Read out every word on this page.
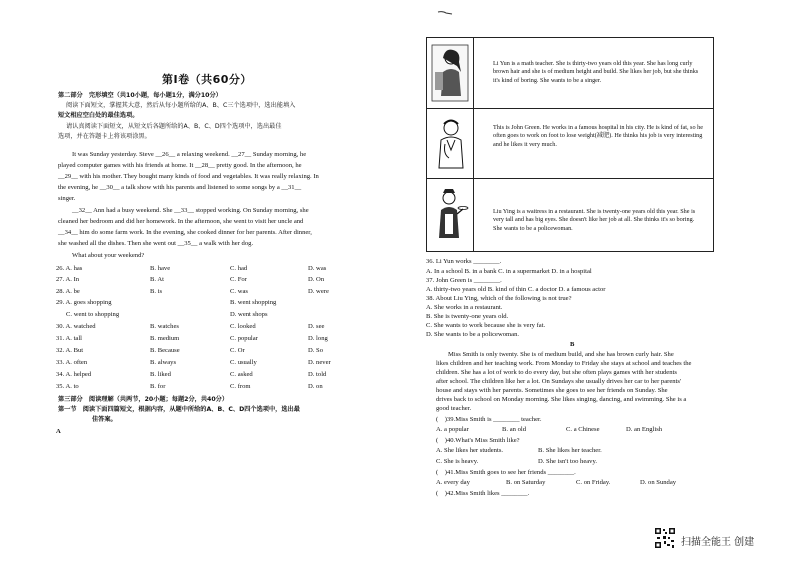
第Ⅰ卷（共60分）
第二部分　完形填空（共10小题，每小题1分，满分10分）
阅读下面短文，掌握其大意，然后从每小题所给的A、B、C三个选项中，选出能填入
短文相应空白处的最佳选项。
请认真阅读下面短文，从短文后各题所给的A、B、C、D四个选项中，选出最佳
选项，并在答题卡上将该项涂黑。
It was Sunday yesterday. Steve __26__ a relaxing weekend. __27__ Sunday morning, he
played computer games with his friends at home. It __28__ pretty good. In the afternoon, he
__29__ with his mother. They bought many kinds of food and vegetables. It was really relaxing. In
the evening, he __30__ a talk show with his parents and listened to some songs by a __31__
singer.
__32__ Ann had a busy weekend. She __33__ stopped working. On Sunday morning, she
cleaned her bedroom and did her homework. In the afternoon, she went to visit her uncle and
__34__ him do some farm work. In the evening, she cooked dinner for her parents. After dinner,
she washed all the dishes. Then she went out __35__ a walk with her dog.
What about your weekend?
26. A. has	B. have	C. had	D. was
27. A. In	B. At	C. For	D. On
28. A. be	B. is	C. was	D. were
29. A. goes shopping	B. went shopping
C. went to shopping	D. went shops
30. A. watched	B. watches	C. looked	D. see
31. A. tall	B. medium	C. popular	D. long
32. A. But	B. Because	C. Or	D. So
33. A. often	B. always	C. usually	D. never
34. A. helped	B. liked	C. asked	D. told
35. A. to	B. for	C. from	D. on
第三部分　阅读理解（共两节，20小题；每题2分，共40分）
第一节　阅读下面四篇短文，根据内容，从题中所给的A、B、C、D四个选项中，选出最
佳答案。
A
Li Yun is a math teacher. She is thirty-two years old this year. She has long curly brown hair and she is of medium height and build. She likes her job, but she thinks it's kind of boring. She wants to be a singer.
This is John Green. He works in a famous hospital in his city. He is kind of fat, so he often goes to work on foot to lose weight(减肥). He thinks his job is very interesting and he likes it very much.
Liu Ying is a waitress in a restaurant. She is twenty-one years old this year. She is very tall and has big eyes. She doesn't like her job at all. She thinks it's so boring. She wants to be a policewoman.
36. Li Yun works ________.
A. In a school B. in a bank C. in a supermarket D. in a hospital
37. John Green is ________.
A. thirty-two years old B. kind of thin C. a doctor D. a famous actor
38. About Liu Ying, which of the following is not true?
A. She works in a restaurant.
B. She is twenty-one years old.
C. She wants to work because she is very fat.
D. She wants to be a policewoman.
B
Miss Smith is only twenty. She is of medium build, and she has brown curly hair. She
likes children and her teaching work. From Monday to Friday she stays at school and teaches the
children. She has a lot of work to do every day, but she often plays games with her students
after school. The children like her a lot. On Sundays she usually drives her car to her parents'
house and stays with her parents. Sometimes she goes to see her friends on Sunday. She
drives back to school on Monday morning. She likes singing, dancing, and swimming. She is a
good teacher.
(　)39.Miss Smith is ________ teacher.
A. a popular	B. an old	C. a Chinese	D. an English
(　)40.What's Miss Smith like?
A. She likes her students.	B. She likes her teacher.
C. She is heavy.	D. She isn't too heavy.
(　)41.Miss Smith goes to see her friends ________.
A. every day	B. on Saturday	C. on Friday.	D. on Sunday
(　)42.Miss Smith likes ________.
扫描全能王 创建
